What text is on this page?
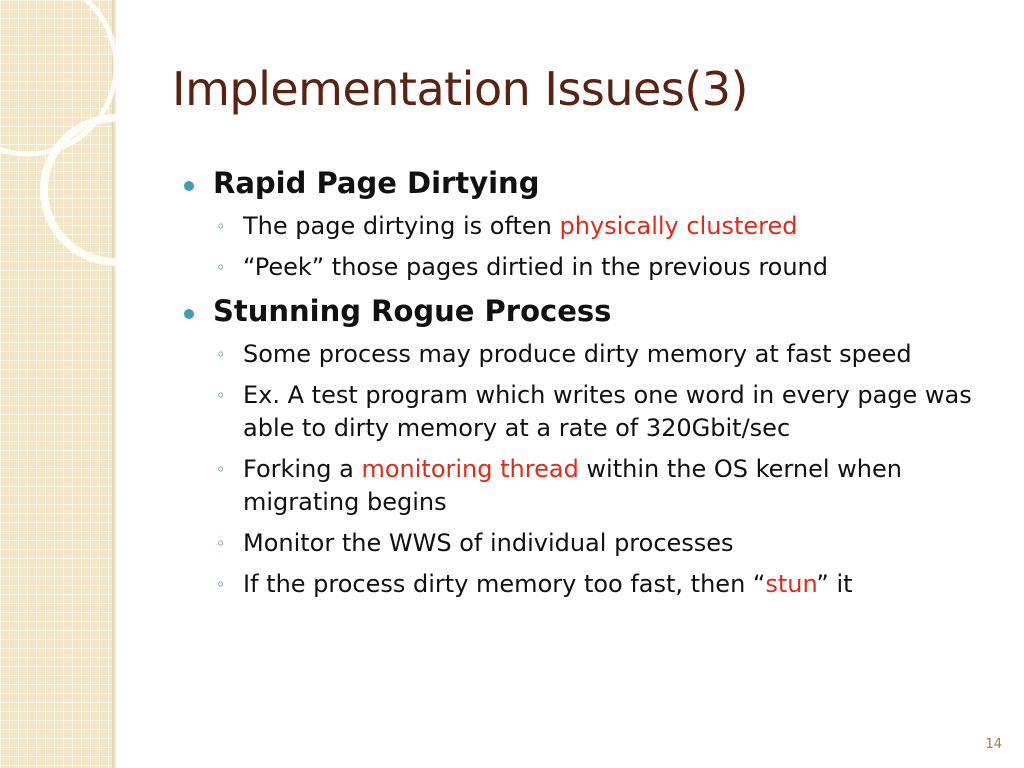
Implementation Issues(3)
Rapid Page Dirtying
◦ The page dirtying is often physically clustered
◦ “Peek” those pages dirtied in the previous round
Stunning Rogue Process
◦ Some process may produce dirty memory at fast speed
◦ Ex. A test program which writes one word in every page was able to dirty memory at a rate of 320Gbit/sec
◦ Forking a monitoring thread within the OS kernel when migrating begins
◦ Monitor the WWS of individual processes
◦ If the process dirty memory too fast, then “stun” it
14
